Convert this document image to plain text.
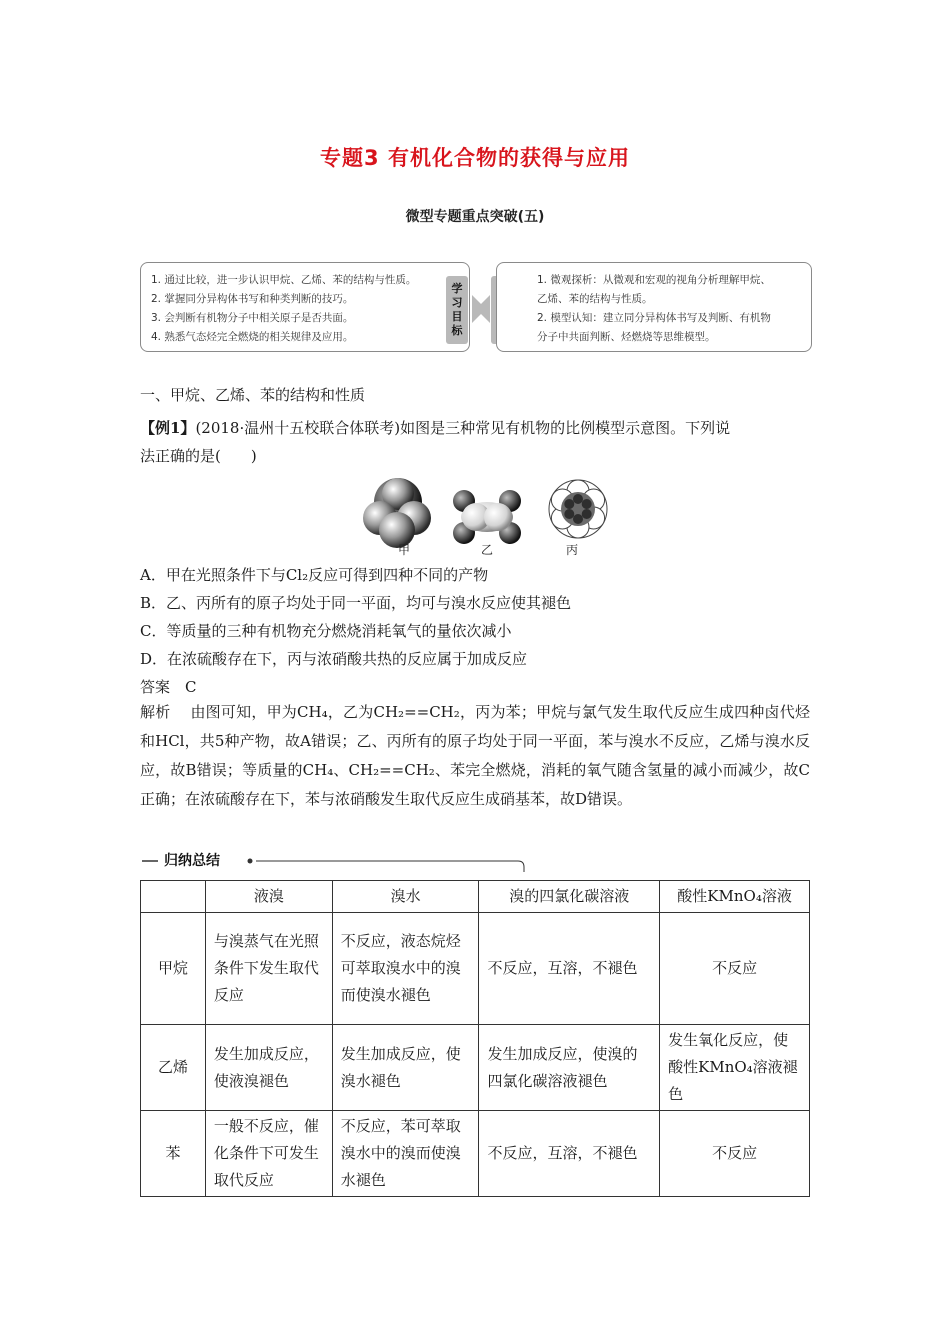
专题3 有机化合物的获得与应用
微型专题重点突破(五)
1. 通过比较，进一步认识甲烷、乙烯、苯的结构与性质。
2. 掌握同分异构体书写和种类判断的技巧。
3. 会判断有机物分子中相关原子是否共面。
4. 熟悉气态烃完全燃烧的相关规律及应用。
学习目标
1. 微观探析：从微观和宏观的视角分析理解甲烷、
乙烯、苯的结构与性质。
2. 模型认知：建立同分异构体书写及判断、有机物
分子中共面判断、烃燃烧等思维模型。
一、甲烷、乙烯、苯的结构和性质
【例1】(2018·温州十五校联合体联考)如图是三种常见有机物的比例模型示意图。下列说
法正确的是(　　)
甲	乙	丙
A．甲在光照条件下与Cl₂反应可得到四种不同的产物
B．乙、丙所有的原子均处于同一平面，均可与溴水反应使其褪色
C．等质量的三种有机物充分燃烧消耗氧气的量依次减小
D．在浓硫酸存在下，丙与浓硝酸共热的反应属于加成反应
答案　C
解析 由图可知，甲为CH₄，乙为CH₂==CH₂，丙为苯；甲烷与氯气发生取代反应生成四种卤代烃和HCl，共5种产物，故A错误；乙、丙所有的原子均处于同一平面，苯与溴水不反应，乙烯与溴水反应，故B错误；等质量的CH₄、CH₂==CH₂、苯完全燃烧，消耗的氧气随含氢量的减小而减少，故C正确；在浓硫酸存在下，苯与浓硝酸发生取代反应生成硝基苯，故D错误。
归纳总结
	液溴	溴水	溴的四氯化碳溶液	酸性KMnO₄溶液
甲烷	与溴蒸气在光照条件下发生取代反应	不反应，液态烷烃可萃取溴水中的溴而使溴水褪色	不反应，互溶，不褪色	不反应
乙烯	发生加成反应，使液溴褪色	发生加成反应，使溴水褪色	发生加成反应，使溴的四氯化碳溶液褪色	发生氧化反应，使酸性KMnO₄溶液褪色
苯	一般不反应，催化条件下可发生取代反应	不反应，苯可萃取溴水中的溴而使溴水褪色	不反应，互溶，不褪色	不反应
